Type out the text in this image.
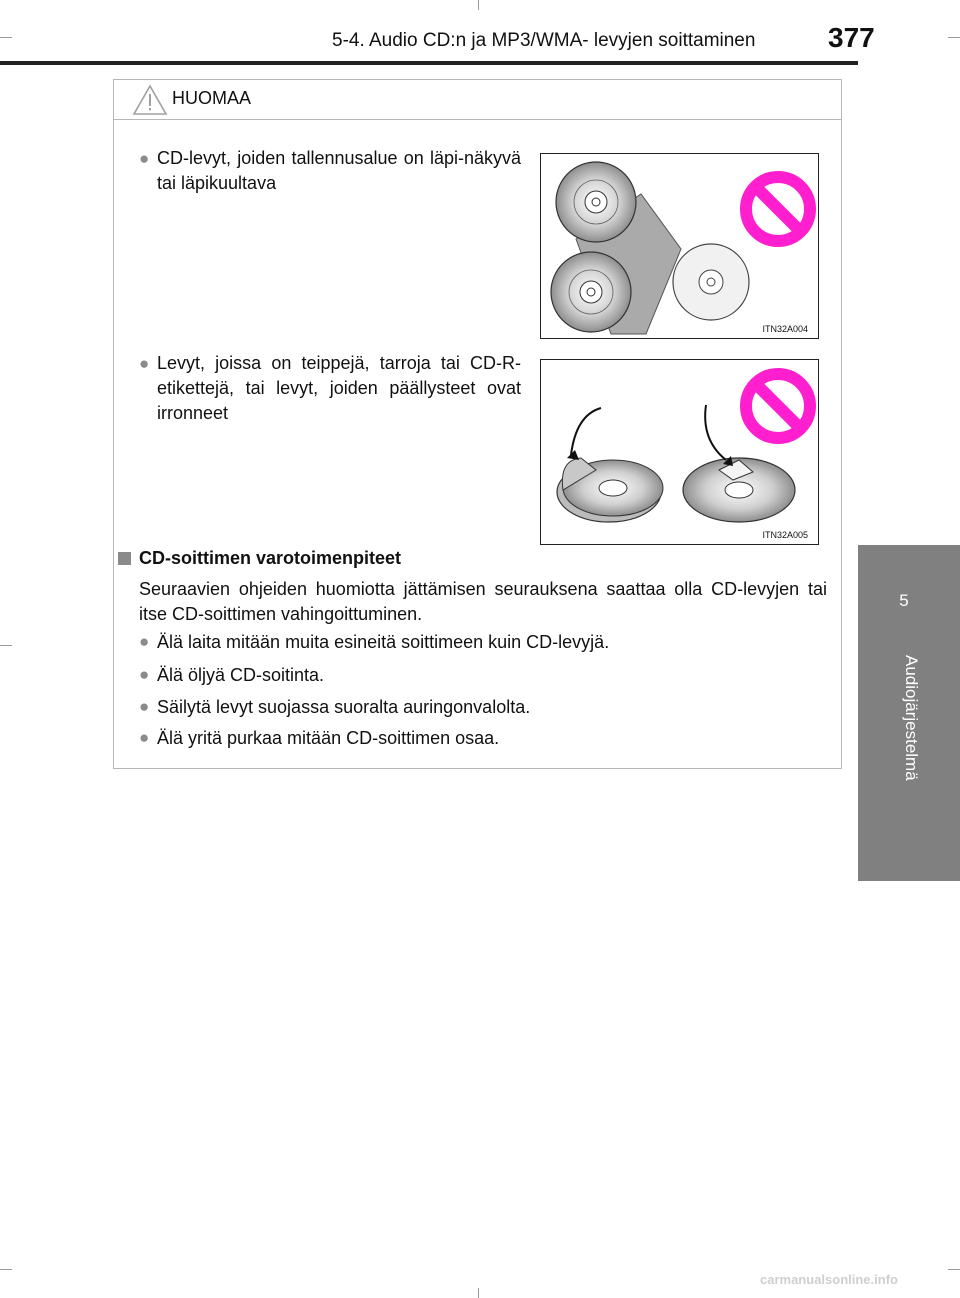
5-4. Audio CD:n ja MP3/WMA- levyjen soittaminen	377
5
Audiojärjestelmä
HUOMAA
● CD-levyt, joiden tallennusalue on läpi-näkyvä tai läpikuultava
ITN32A004
● Levyt, joissa on teippejä, tarroja tai CD-R-etikettejä, tai levyt, joiden päällysteet ovat irronneet
ITN32A005
CD-soittimen varotoimenpiteet
Seuraavien ohjeiden huomiotta jättämisen seurauksena saattaa olla CD-levyjen tai itse CD-soittimen vahingoittuminen.
● Älä laita mitään muita esineitä soittimeen kuin CD-levyjä.
● Älä öljyä CD-soitinta.
● Säilytä levyt suojassa suoralta auringonvalolta.
● Älä yritä purkaa mitään CD-soittimen osaa.
carmanualsonline.info
